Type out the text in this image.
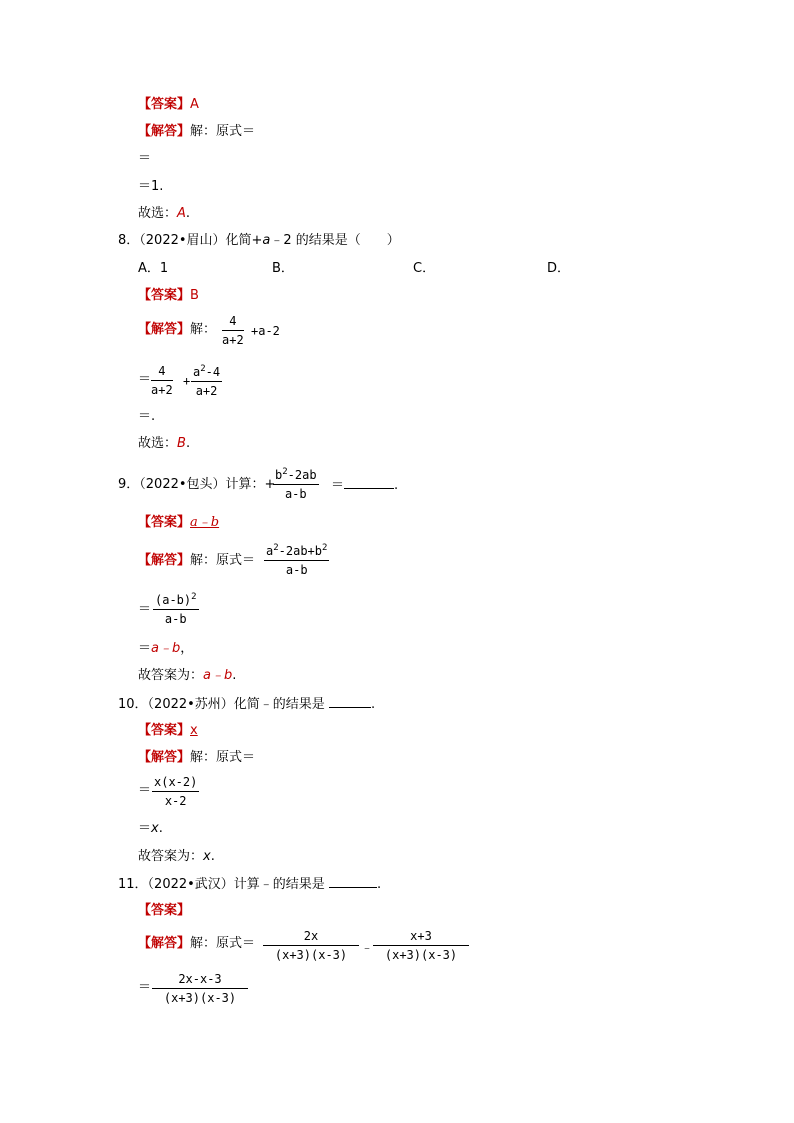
【答案】A
【解答】解：原式＝
＝
＝1.
故选：A.
8．（2022•眉山）化简+a﹣2 的结果是（　　）
A．1	B．	C．	D．
【答案】B
【解答】解：
4
a+2
+a-2
＝
4
a+2
+
$a^2-4$
a+2
＝.
故选：B.
9．（2022•包头）计算：+
$b^2-2ab$
a-b
＝	.
【答案】a﹣b
【解答】解：原式＝
$a^2-2ab+b^2$
a-b
＝
$(a-b)^2$
a-b
＝a﹣b，
故答案为：a﹣b.
10．（2022•苏州）化简﹣的结果是	.
【答案】x
【解答】解：原式＝
＝
x(x-2)
x-2
＝x.
故答案为：x.
11．（2022•武汉）计算﹣的结果是	.
【答案】
【解答】解：原式＝	2x
(x+3)(x-3)
﹣
x+3
(x+3)(x-3)
＝
2x-x-3
(x+3)(x-3)
